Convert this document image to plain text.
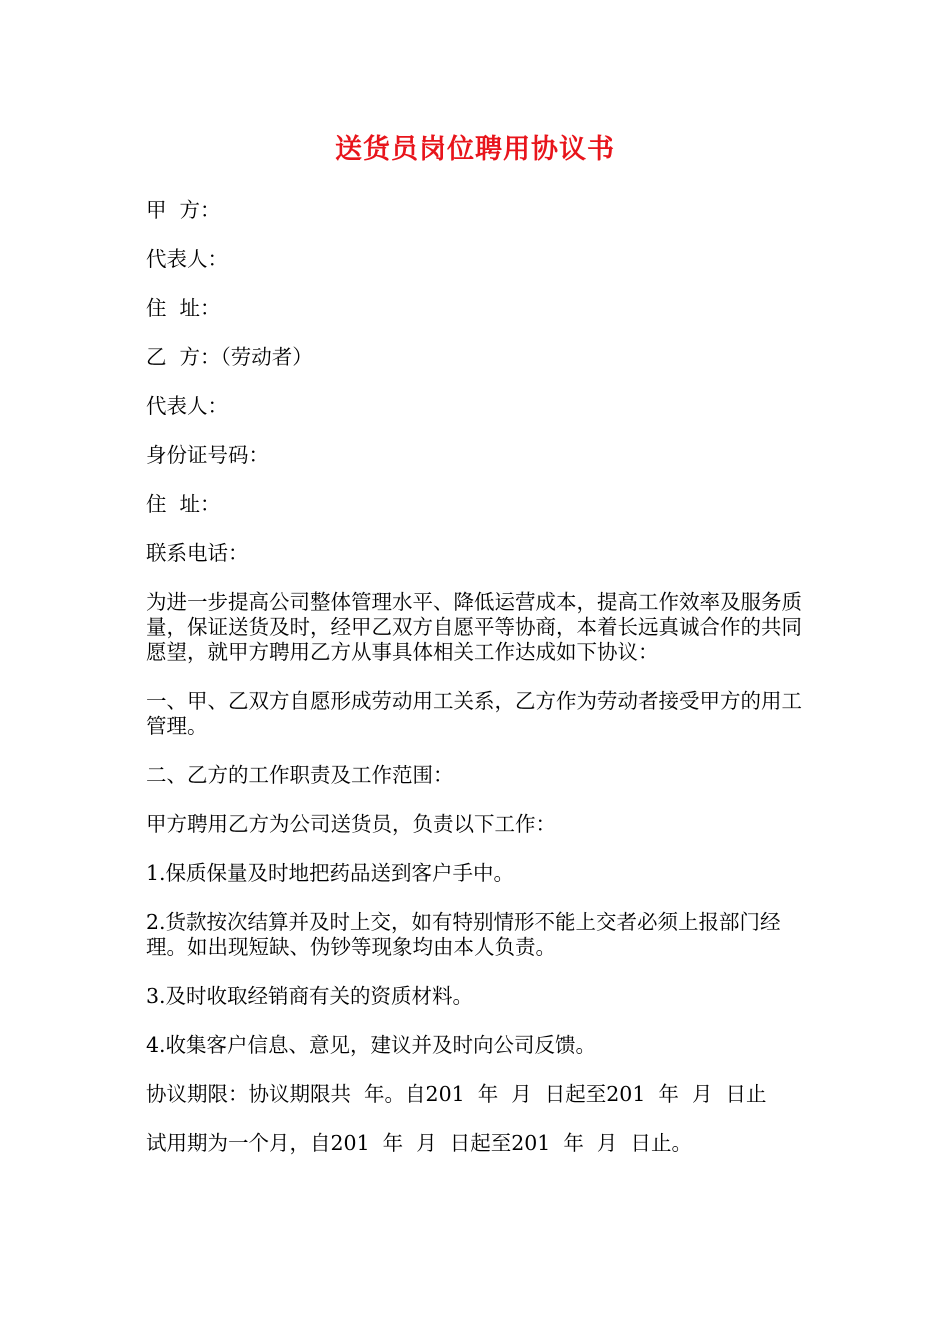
送货员岗位聘用协议书

甲  方：

代表人：

住  址：

乙  方：（劳动者）

代表人：

身份证号码：

住  址：

联系电话：

为进一步提高公司整体管理水平、降低运营成本，提高工作效率及服务质量，保证送货及时，经甲乙双方自愿平等协商，本着长远真诚合作的共同愿望，就甲方聘用乙方从事具体相关工作达成如下协议：

一、甲、乙双方自愿形成劳动用工关系，乙方作为劳动者接受甲方的用工管理。

二、乙方的工作职责及工作范围：

甲方聘用乙方为公司送货员，负责以下工作：

1.保质保量及时地把药品送到客户手中。

2.货款按次结算并及时上交，如有特别情形不能上交者必须上报部门经理。如出现短缺、伪钞等现象均由本人负责。

3.及时收取经销商有关的资质材料。

4.收集客户信息、意见，建议并及时向公司反馈。

协议期限：协议期限共  年。自201  年  月  日起至201  年  月  日止

试用期为一个月，自201  年  月  日起至201  年  月  日止。
